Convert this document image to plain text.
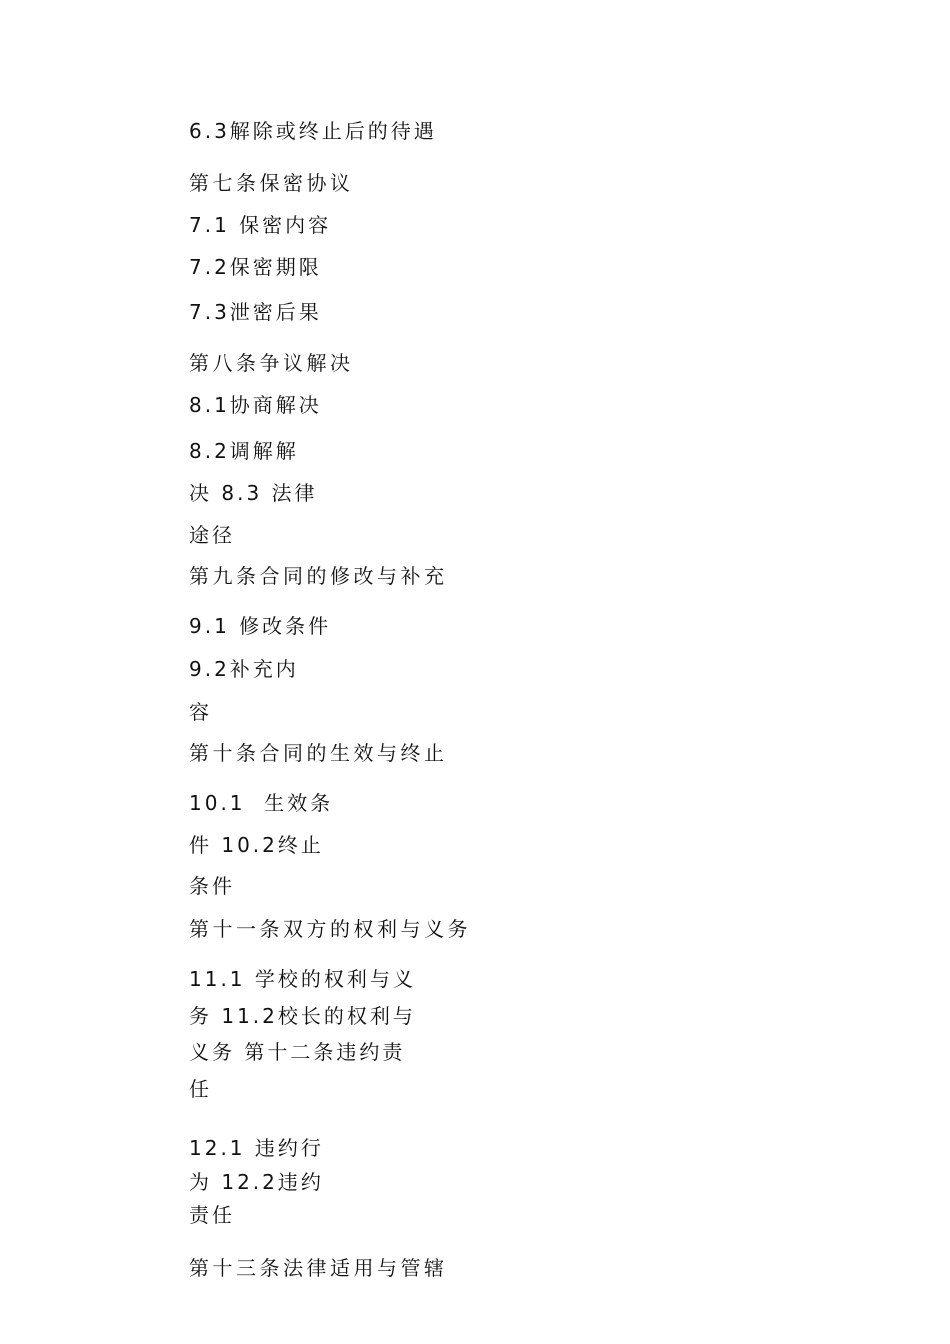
6.3解除或终止后的待遇
第七条保密协议
7.1 保密内容
7.2保密期限
7.3泄密后果
第八条争议解决
8.1协商解决
8.2调解解
决 8.3 法律
途径
第九条合同的修改与补充
9.1 修改条件
9.2补充内
容
第十条合同的生效与终止
10.1  生效条
件 10.2终止
条件
第十一条双方的权利与义务
11.1 学校的权利与义
务 11.2校长的权利与
义务 第十二条违约责
任
12.1 违约行
为 12.2违约
责任
第十三条法律适用与管辖
